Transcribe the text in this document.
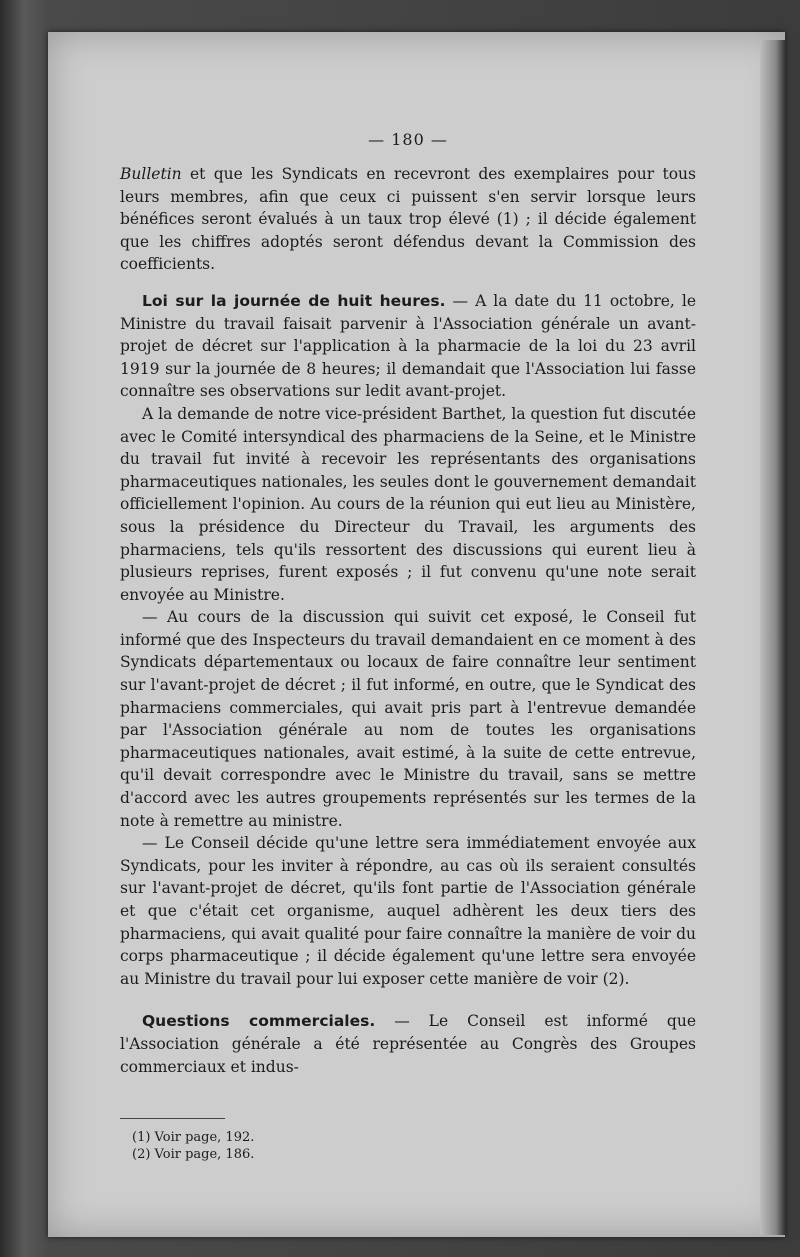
— 180 —

Bulletin et que les Syndicats en recevront des exemplaires pour tous leurs membres, afin que ceux ci puissent s'en servir lorsque leurs bénéfices seront évalués à un taux trop élevé (1) ; il décide également que les chiffres adoptés seront défendus devant la Commission des coefficients.

Loi sur la journée de huit heures. — A la date du 11 octobre, le Ministre du travail faisait parvenir à l'Association générale un avant-projet de décret sur l'application à la pharmacie de la loi du 23 avril 1919 sur la journée de 8 heures; il demandait que l'Association lui fasse connaître ses observations sur ledit avant-projet.

A la demande de notre vice-président Barthet, la question fut discutée avec le Comité intersyndical des pharmaciens de la Seine, et le Ministre du travail fut invité à recevoir les représentants des organisations pharmaceutiques nationales, les seules dont le gouvernement demandait officiellement l'opinion. Au cours de la réunion qui eut lieu au Ministère, sous la présidence du Directeur du Travail, les arguments des pharmaciens, tels qu'ils ressortent des discussions qui eurent lieu à plusieurs reprises, furent exposés ; il fut convenu qu'une note serait envoyée au Ministre.

— Au cours de la discussion qui suivit cet exposé, le Conseil fut informé que des Inspecteurs du travail demandaient en ce moment à des Syndicats départementaux ou locaux de faire connaître leur sentiment sur l'avant-projet de décret ; il fut informé, en outre, que le Syndicat des pharmaciens commerciales, qui avait pris part à l'entrevue demandée par l'Association générale au nom de toutes les organisations pharmaceutiques nationales, avait estimé, à la suite de cette entrevue, qu'il devait correspondre avec le Ministre du travail, sans se mettre d'accord avec les autres groupements représentés sur les termes de la note à remettre au ministre.

— Le Conseil décide qu'une lettre sera immédiatement envoyée aux Syndicats, pour les inviter à répondre, au cas où ils seraient consultés sur l'avant-projet de décret, qu'ils font partie de l'Association générale et que c'était cet organisme, auquel adhèrent les deux tiers des pharmaciens, qui avait qualité pour faire connaître la manière de voir du corps pharmaceutique ; il décide également qu'une lettre sera envoyée au Ministre du travail pour lui exposer cette manière de voir (2).

Questions commerciales. — Le Conseil est informé que l'Association générale a été représentée au Congrès des Groupes commerciaux et indus-

(1) Voir page, 192.
(2) Voir page, 186.
